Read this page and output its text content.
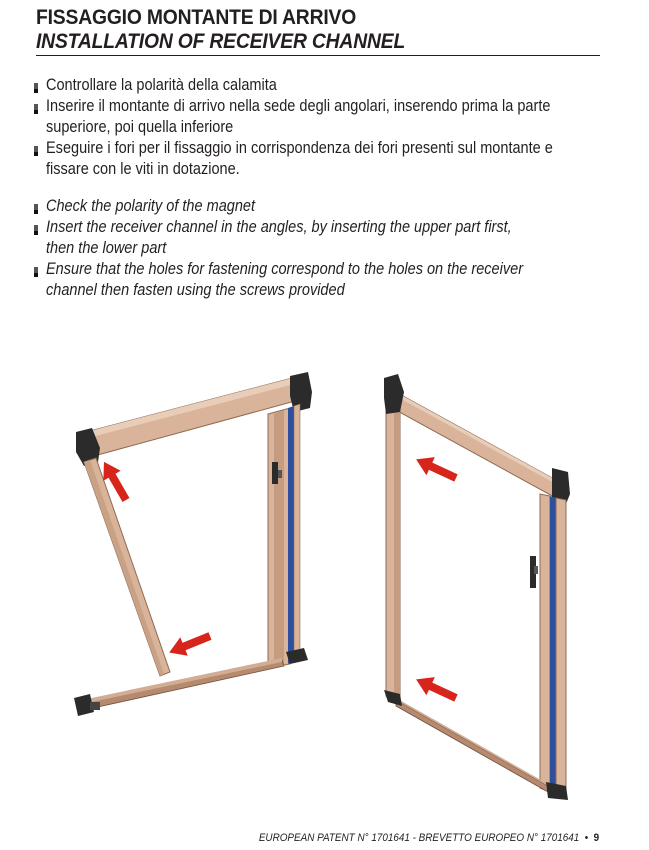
FISSAGGIO MONTANTE DI ARRIVO
INSTALLATION OF RECEIVER CHANNEL
Controllare la polarità della calamita
Inserire il montante di arrivo nella sede degli angolari, inserendo prima la parte
superiore, poi quella inferiore
Eseguire i fori per il fissaggio in corrispondenza dei fori presenti sul montante e
fissare con le viti in dotazione.
Check the polarity of the magnet
Insert the receiver channel in the angles, by inserting the upper part first,
then the lower part
Ensure that the holes for fastening correspond to the holes on the receiver
channel then fasten using the screws provided
EUROPEAN PATENT N° 1701641 - BREVETTO EUROPEO N° 1701641 • 9
